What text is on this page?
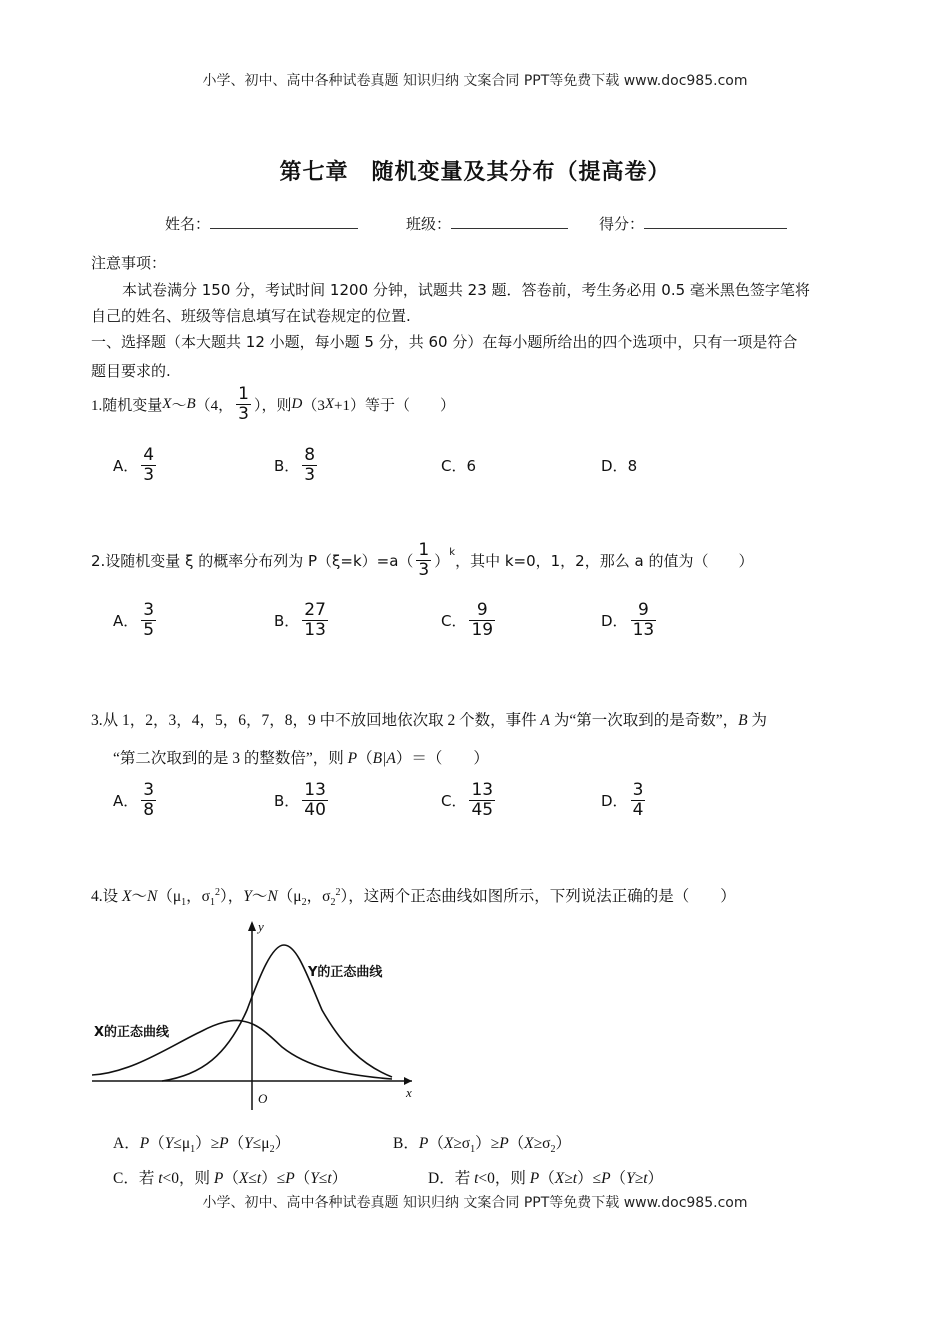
小学、初中、高中各种试卷真题 知识归纳 文案合同 PPT等免费下载 www.doc985.com
第七章　随机变量及其分布（提高卷）
姓名：	班级：	得分：
注意事项：
本试卷满分 150 分，考试时间 1200 分钟，试题共 23 题．答卷前，考生务必用 0.5 毫米黑色签字笔将
自己的姓名、班级等信息填写在试卷规定的位置.
一、选择题（本大题共 12 小题，每小题 5 分，共 60 分）在每小题所给出的四个选项中，只有一项是符合
题目要求的.
1.随机变量 X ～ B （4， $\frac{1}{3}$ ），则 D （3 X +1）等于（　　）
A． $\frac{4}{3}$	B． $\frac{8}{3}$	C．6	D．8
2.设随机变量 ξ 的概率分布列为 $P(\xi=k)=a( \frac{1}{3} )^k$ ，其中 k=0，1，2，那么 a 的值为（　　）
A． $\frac{3}{5}$	B． $\frac{27}{13}$	C． $\frac{9}{19}$	D． $\frac{9}{13}$
3.从 1，2，3，4，5，6，7，8，9 中不放回地依次取 2 个数，事件 A 为“第一次取到的是奇数”，B 为
“第二次取到的是 3 的整数倍”，则 P（B|A）＝（　　）
A． $\frac{3}{8}$	B． $\frac{13}{40}$	C． $\frac{13}{45}$	D． $\frac{3}{4}$
4.设 $X\sim N(\mu_1$，$\sigma_1^2$），$Y\sim N(\mu_2$，$\sigma_2^2$），这两个正态曲线如图所示，下列说法正确的是（　　）
y
x
O
Y的正态曲线
X的正态曲线
A．$P(Y\le\mu_1)\ge P(Y\le\mu_2)$	B．$P(X\ge\sigma_1)\ge P(X\ge\sigma_2)$
C．若 t<0，则 P（X≤t）≤P（Y≤t）	D．若 t<0，则 P（X≥t）≤P（Y≥t）
小学、初中、高中各种试卷真题 知识归纳 文案合同 PPT等免费下载 www.doc985.com
